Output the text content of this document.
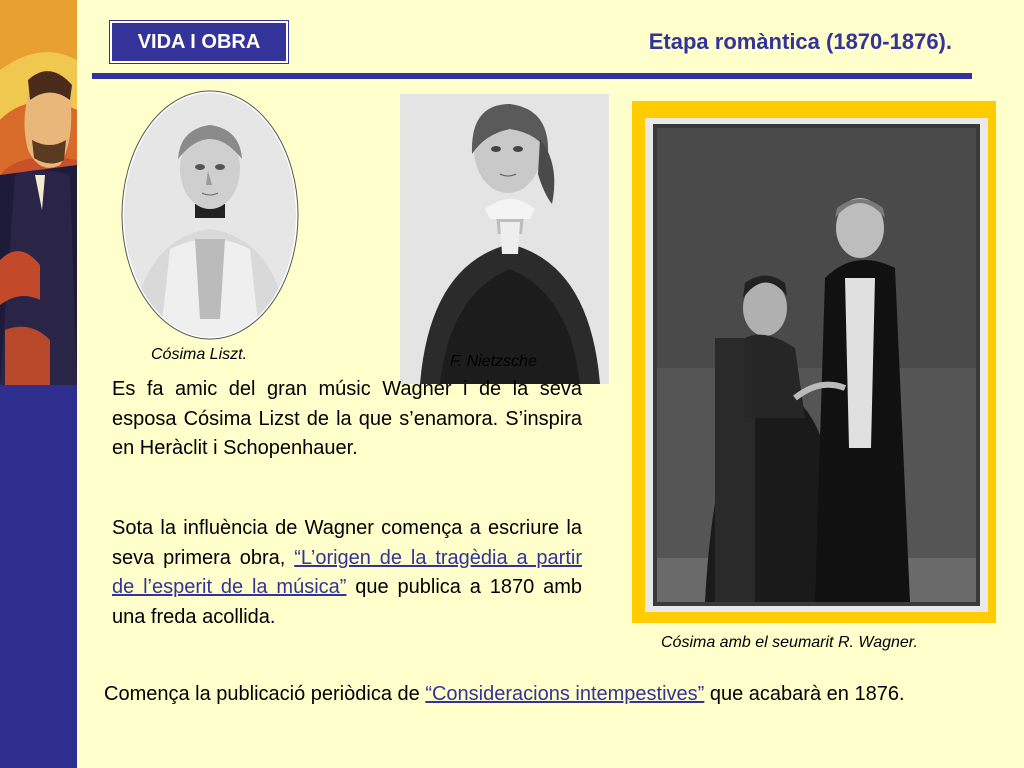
VIDA I OBRA	Etapa romàntica (1870-1876).
Cósima Liszt.	F. Nietzsche
Cósima amb el seumarit R. Wagner.

Es fa amic del gran músic Wagner i de la seva esposa Cósima Lizst de la que s’enamora. S’inspira en Heràclit i Schopenhauer.

Sota la influència de Wagner comença a escriure la seva primera obra, “L’origen de la tragèdia a partir de l’esperit de la música” que publica a 1870 amb una freda acollida.

Comença la publicació periòdica de “Consideracions intempestives” que acabarà en 1876.
